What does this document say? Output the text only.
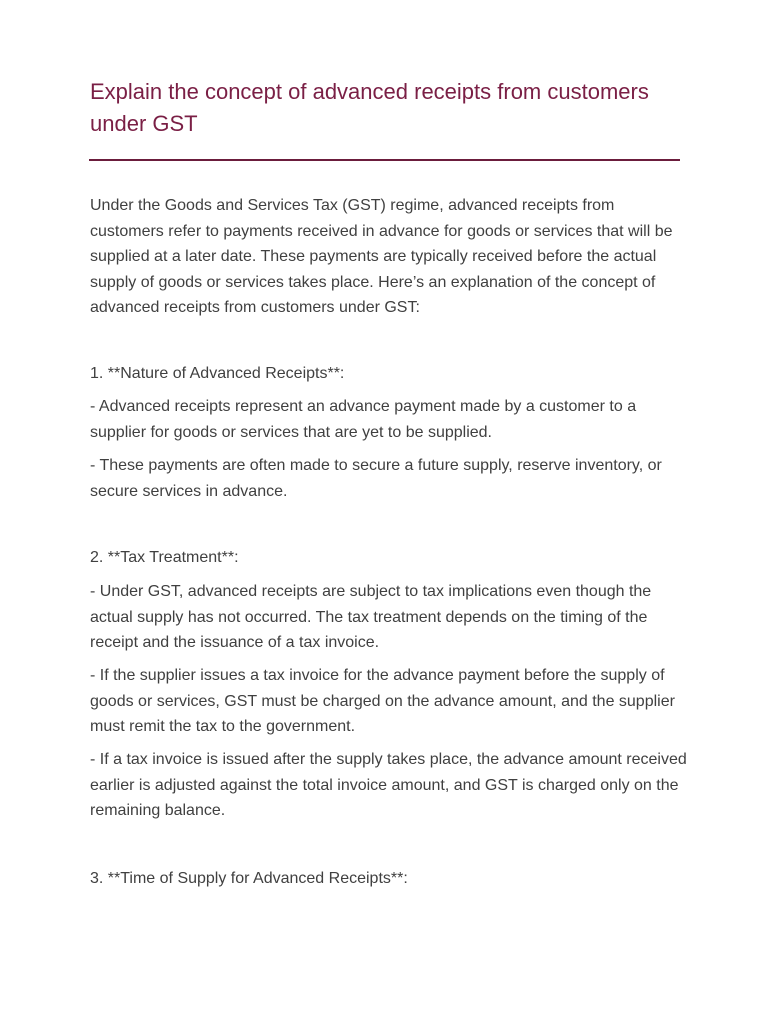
Explain the concept of advanced receipts from customers under GST

Under the Goods and Services Tax (GST) regime, advanced receipts from customers refer to payments received in advance for goods or services that will be supplied at a later date. These payments are typically received before the actual supply of goods or services takes place. Here’s an explanation of the concept of advanced receipts from customers under GST:

1. **Nature of Advanced Receipts**:

- Advanced receipts represent an advance payment made by a customer to a supplier for goods or services that are yet to be supplied.

- These payments are often made to secure a future supply, reserve inventory, or secure services in advance.

2. **Tax Treatment**:

- Under GST, advanced receipts are subject to tax implications even though the actual supply has not occurred. The tax treatment depends on the timing of the receipt and the issuance of a tax invoice.

- If the supplier issues a tax invoice for the advance payment before the supply of goods or services, GST must be charged on the advance amount, and the supplier must remit the tax to the government.

- If a tax invoice is issued after the supply takes place, the advance amount received earlier is adjusted against the total invoice amount, and GST is charged only on the remaining balance.

3. **Time of Supply for Advanced Receipts**:
